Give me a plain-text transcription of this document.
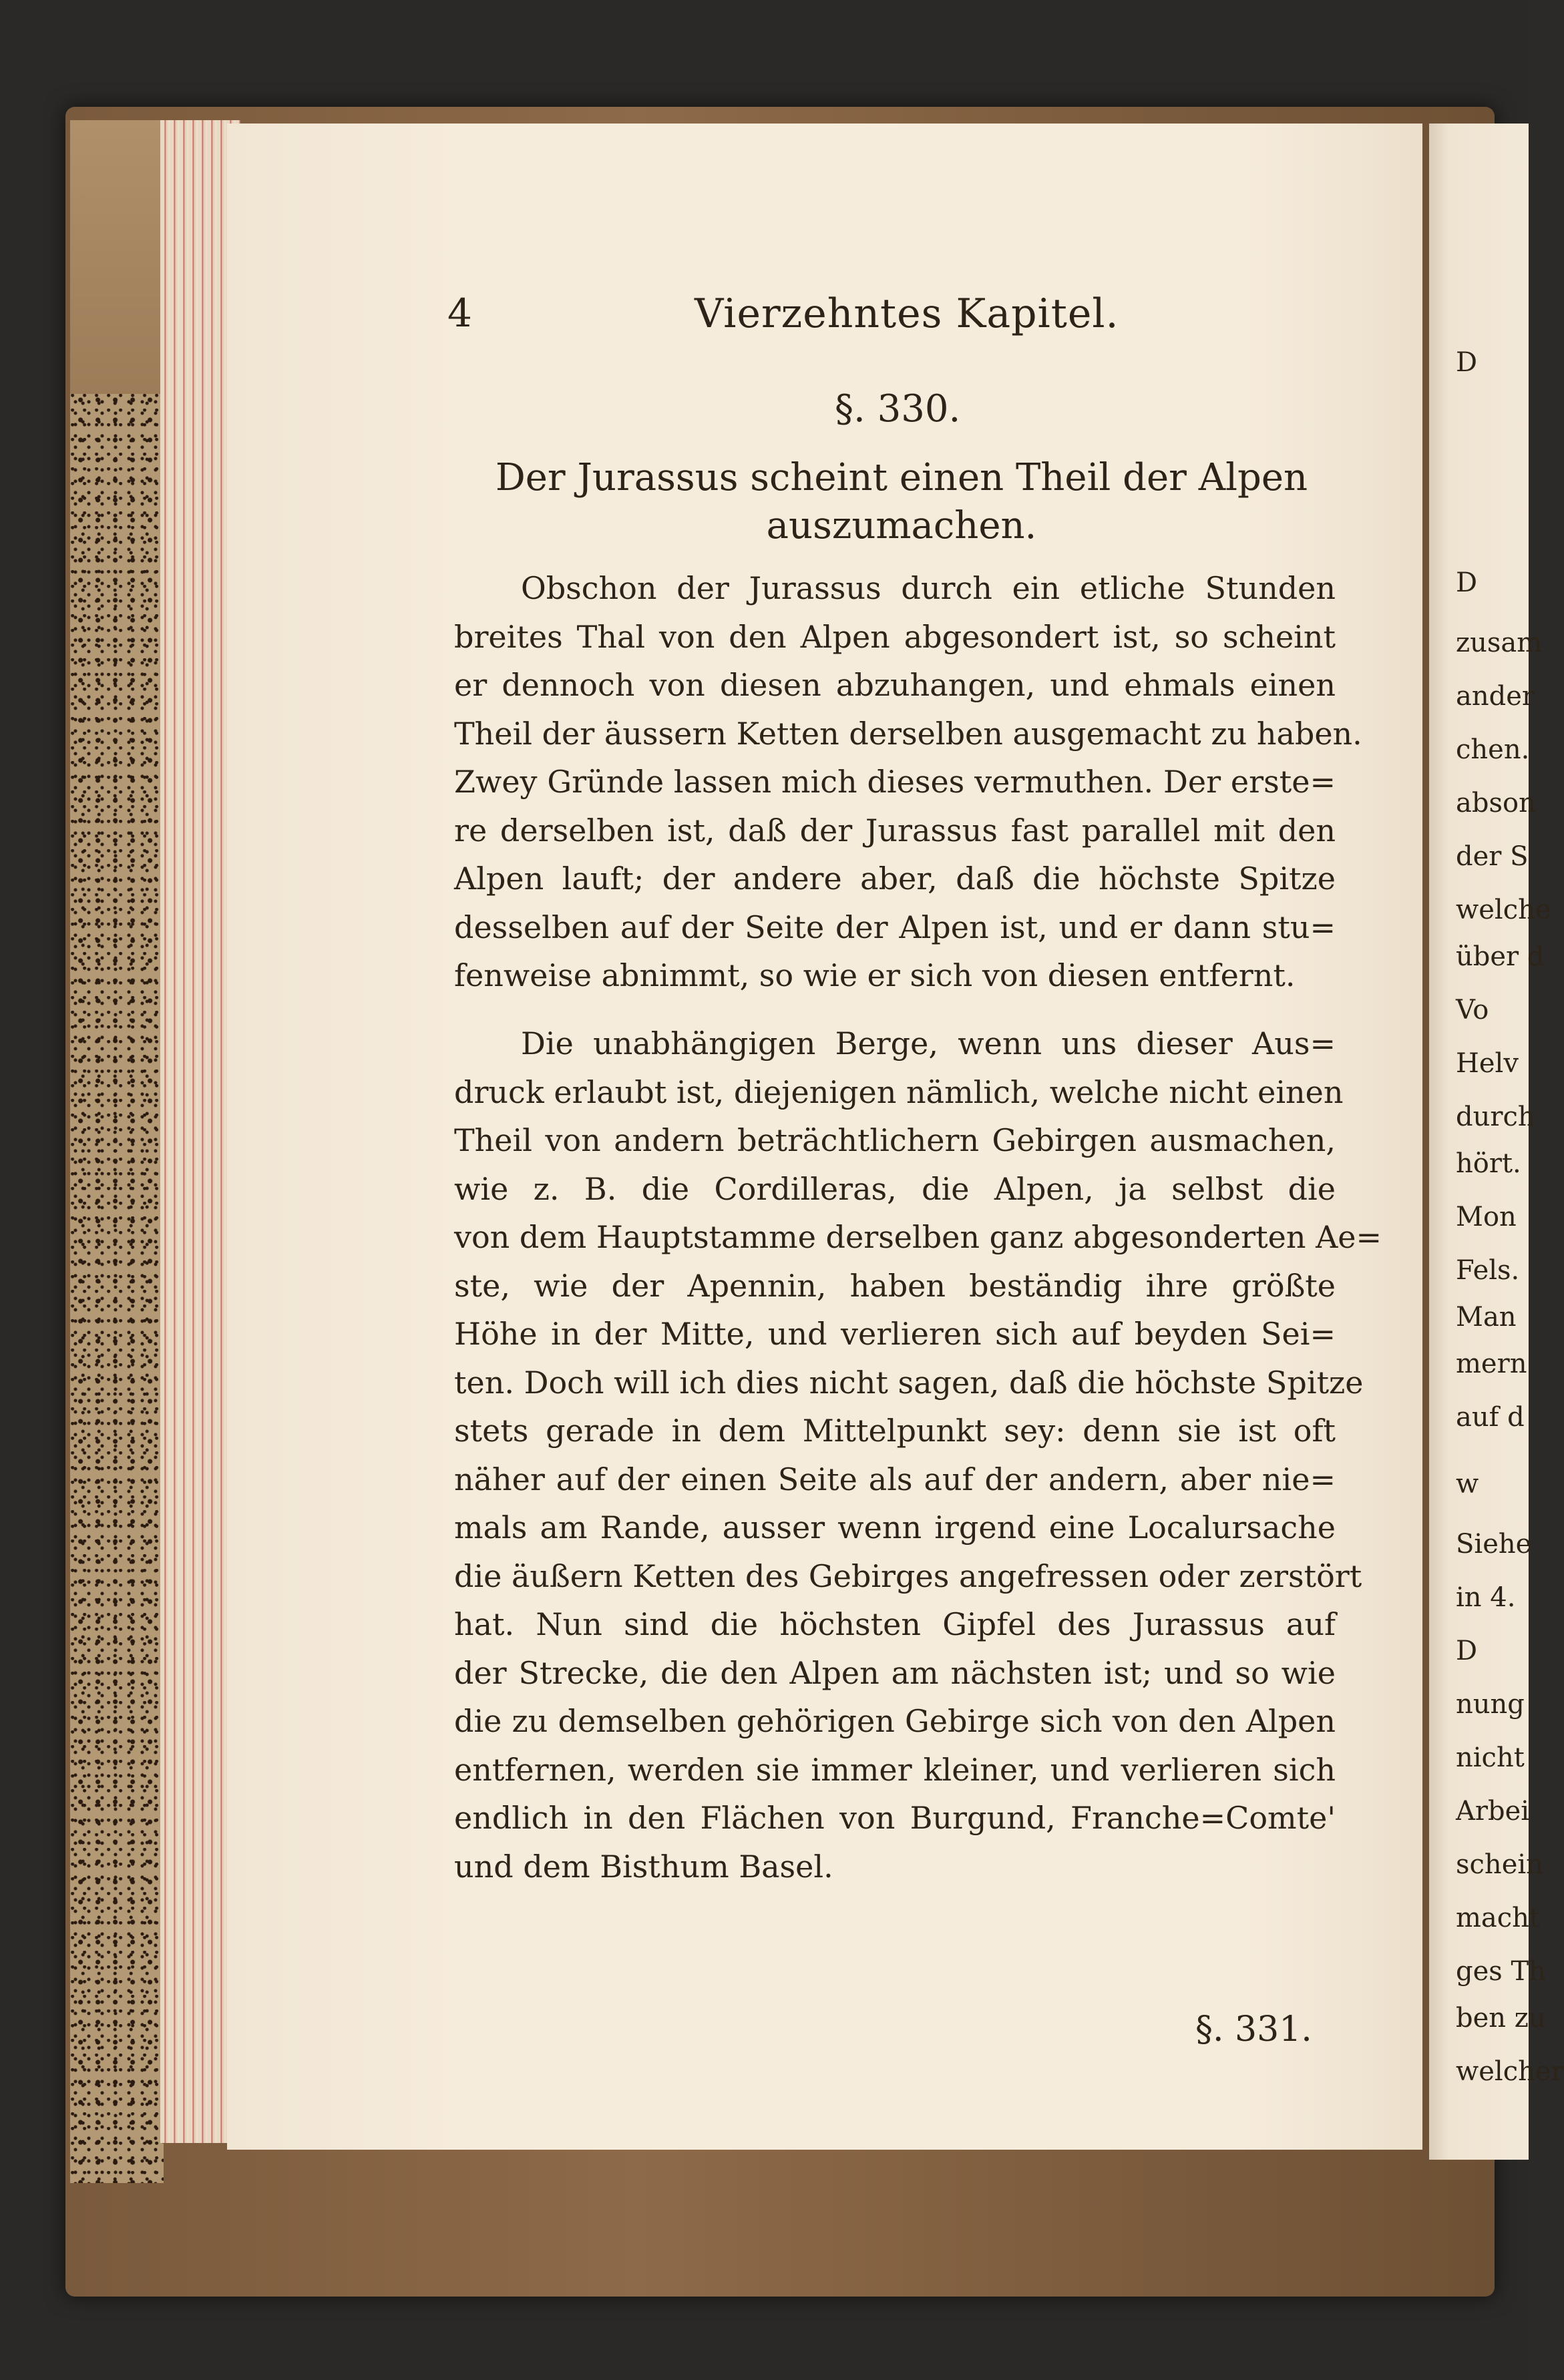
D
D
zusam
ander
chen.
abson
der S
welche
über d
Vo
Helv
durch
hört.
Mon
Fels.
Man
mern
auf d
w
Siehe
in 4.
D
nung
nicht
Arbei
schein
macht
ges Th
ben zu
welcher
4	Vierzehntes Kapitel.
§. 330.
Der Jurassus scheint einen Theil der Alpen
auszumachen.
Obschon der Jurassus durch ein etliche Stunden
breites Thal von den Alpen abgesondert ist, so scheint
er dennoch von diesen abzuhangen, und ehmals einen
Theil der äussern Ketten derselben ausgemacht zu haben.
Zwey Gründe lassen mich dieses vermuthen. Der erste=
re derselben ist, daß der Jurassus fast parallel mit den
Alpen lauft; der andere aber, daß die höchste Spitze
desselben auf der Seite der Alpen ist, und er dann stu=
fenweise abnimmt, so wie er sich von diesen entfernt.
Die unabhängigen Berge, wenn uns dieser Aus=
druck erlaubt ist, diejenigen nämlich, welche nicht einen
Theil von andern beträchtlichern Gebirgen ausmachen,
wie z. B. die Cordilleras, die Alpen, ja selbst die
von dem Hauptstamme derselben ganz abgesonderten Ae=
ste, wie der Apennin, haben beständig ihre größte
Höhe in der Mitte, und verlieren sich auf beyden Sei=
ten. Doch will ich dies nicht sagen, daß die höchste Spitze
stets gerade in dem Mittelpunkt sey: denn sie ist oft
näher auf der einen Seite als auf der andern, aber nie=
mals am Rande, ausser wenn irgend eine Localursache
die äußern Ketten des Gebirges angefressen oder zerstört
hat. Nun sind die höchsten Gipfel des Jurassus auf
der Strecke, die den Alpen am nächsten ist; und so wie
die zu demselben gehörigen Gebirge sich von den Alpen
entfernen, werden sie immer kleiner, und verlieren sich
endlich in den Flächen von Burgund, Franche=Comte'
und dem Bisthum Basel.
§. 331.
